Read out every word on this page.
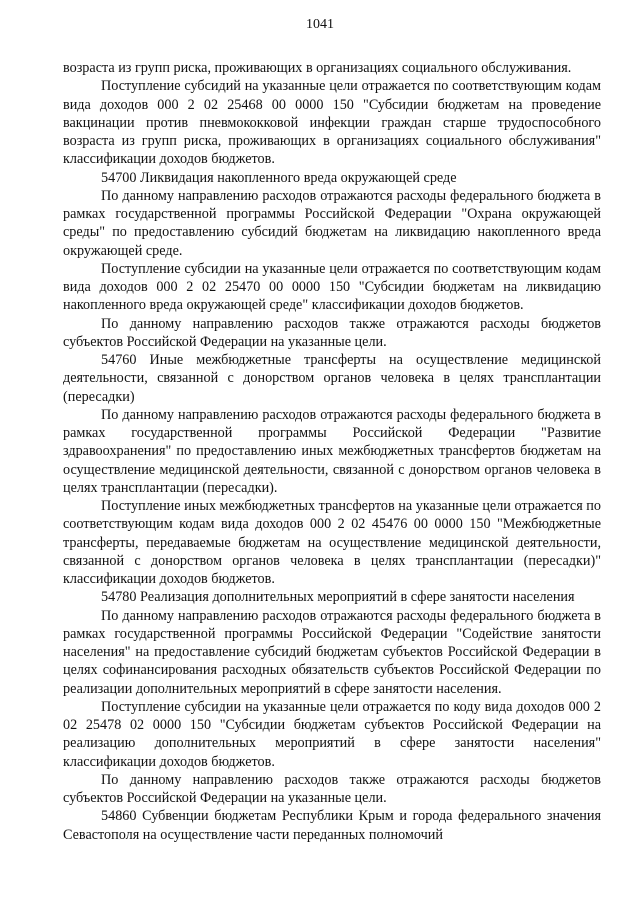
1041

возраста из групп риска, проживающих в организациях социального обслуживания.

Поступление субсидий на указанные цели отражается по соответствующим кодам вида доходов 000 2 02 25468 00 0000 150 "Субсидии бюджетам на проведение вакцинации против пневмококковой инфекции граждан старше трудоспособного возраста из групп риска, проживающих в организациях социального обслуживания" классификации доходов бюджетов.

54700 Ликвидация накопленного вреда окружающей среде

По данному направлению расходов отражаются расходы федерального бюджета в рамках государственной программы Российской Федерации "Охрана окружающей среды" по предоставлению субсидий бюджетам на ликвидацию накопленного вреда окружающей среде.

Поступление субсидии на указанные цели отражается по соответствующим кодам вида доходов 000 2 02 25470 00 0000 150 "Субсидии бюджетам на ликвидацию накопленного вреда окружающей среде" классификации доходов бюджетов.

По данному направлению расходов также отражаются расходы бюджетов субъектов Российской Федерации на указанные цели.

54760 Иные межбюджетные трансферты на осуществление медицинской деятельности, связанной с донорством органов человека в целях трансплантации (пересадки)

По данному направлению расходов отражаются расходы федерального бюджета в рамках государственной программы Российской Федерации "Развитие здравоохранения" по предоставлению иных межбюджетных трансфертов бюджетам на осуществление медицинской деятельности, связанной с донорством органов человека в целях трансплантации (пересадки).

Поступление иных межбюджетных трансфертов на указанные цели отражается по соответствующим кодам вида доходов 000 2 02 45476 00 0000 150 "Межбюджетные трансферты, передаваемые бюджетам на осуществление медицинской деятельности, связанной с донорством органов человека в целях трансплантации (пересадки)" классификации доходов бюджетов.

54780 Реализация дополнительных мероприятий в сфере занятости населения

По данному направлению расходов отражаются расходы федерального бюджета в рамках государственной программы Российской Федерации "Содействие занятости населения" на предоставление субсидий бюджетам субъектов Российской Федерации в целях софинансирования расходных обязательств субъектов Российской Федерации по реализации дополнительных мероприятий в сфере занятости населения.

Поступление субсидии на указанные цели отражается по коду вида доходов 000 2 02 25478 02 0000 150 "Субсидии бюджетам субъектов Российской Федерации на реализацию дополнительных мероприятий в сфере занятости населения" классификации доходов бюджетов.

По данному направлению расходов также отражаются расходы бюджетов субъектов Российской Федерации на указанные цели.

54860 Субвенции бюджетам Республики Крым и города федерального значения Севастополя на осуществление части переданных полномочий
